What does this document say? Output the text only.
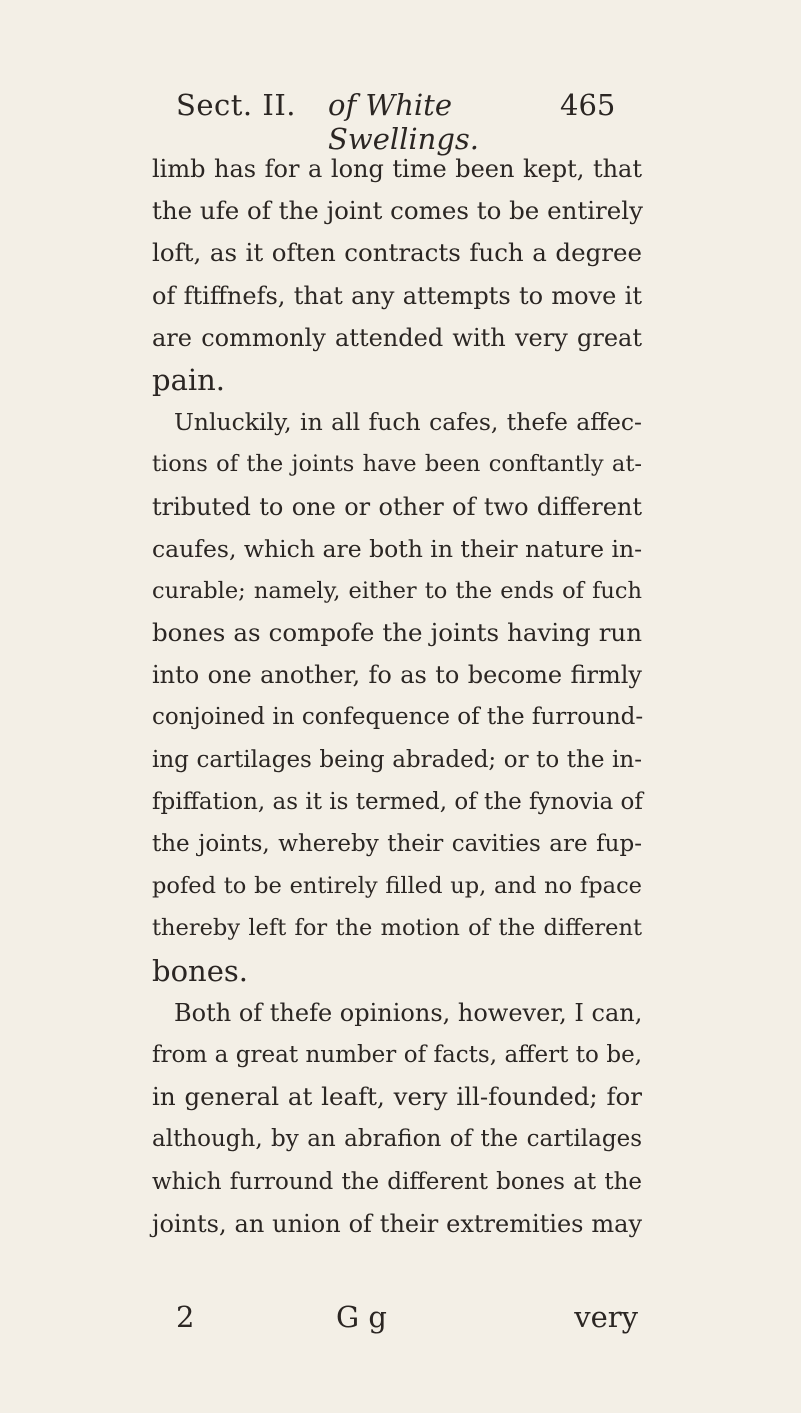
Sect. II. of White Swellings.
465
limb has for a long time been kept, that
the ufe of the joint comes to be entirely
loft, as it often contracts fuch a degree
of ftiffnefs, that any attempts to move it
are commonly attended with very great
pain.
Unluckily, in all fuch cafes, thefe affec-
tions of the joints have been conftantly at-
tributed to one or other of two different
caufes, which are both in their nature in-
curable; namely, either to the ends of fuch
bones as compofe the joints having run
into one another, fo as to become firmly
conjoined in confequence of the furround-
ing cartilages being abraded; or to the in-
fpiffation, as it is termed, of the fynovia of
the joints, whereby their cavities are fup-
pofed to be entirely filled up, and no fpace
thereby left for the motion of the different
bones.
Both of thefe opinions, however, I can,
from a great number of facts, affert to be,
in general at leaft, very ill-founded; for
although, by an abrafion of the cartilages
which furround the different bones at the
joints, an union of their extremities may
2	G g	very
